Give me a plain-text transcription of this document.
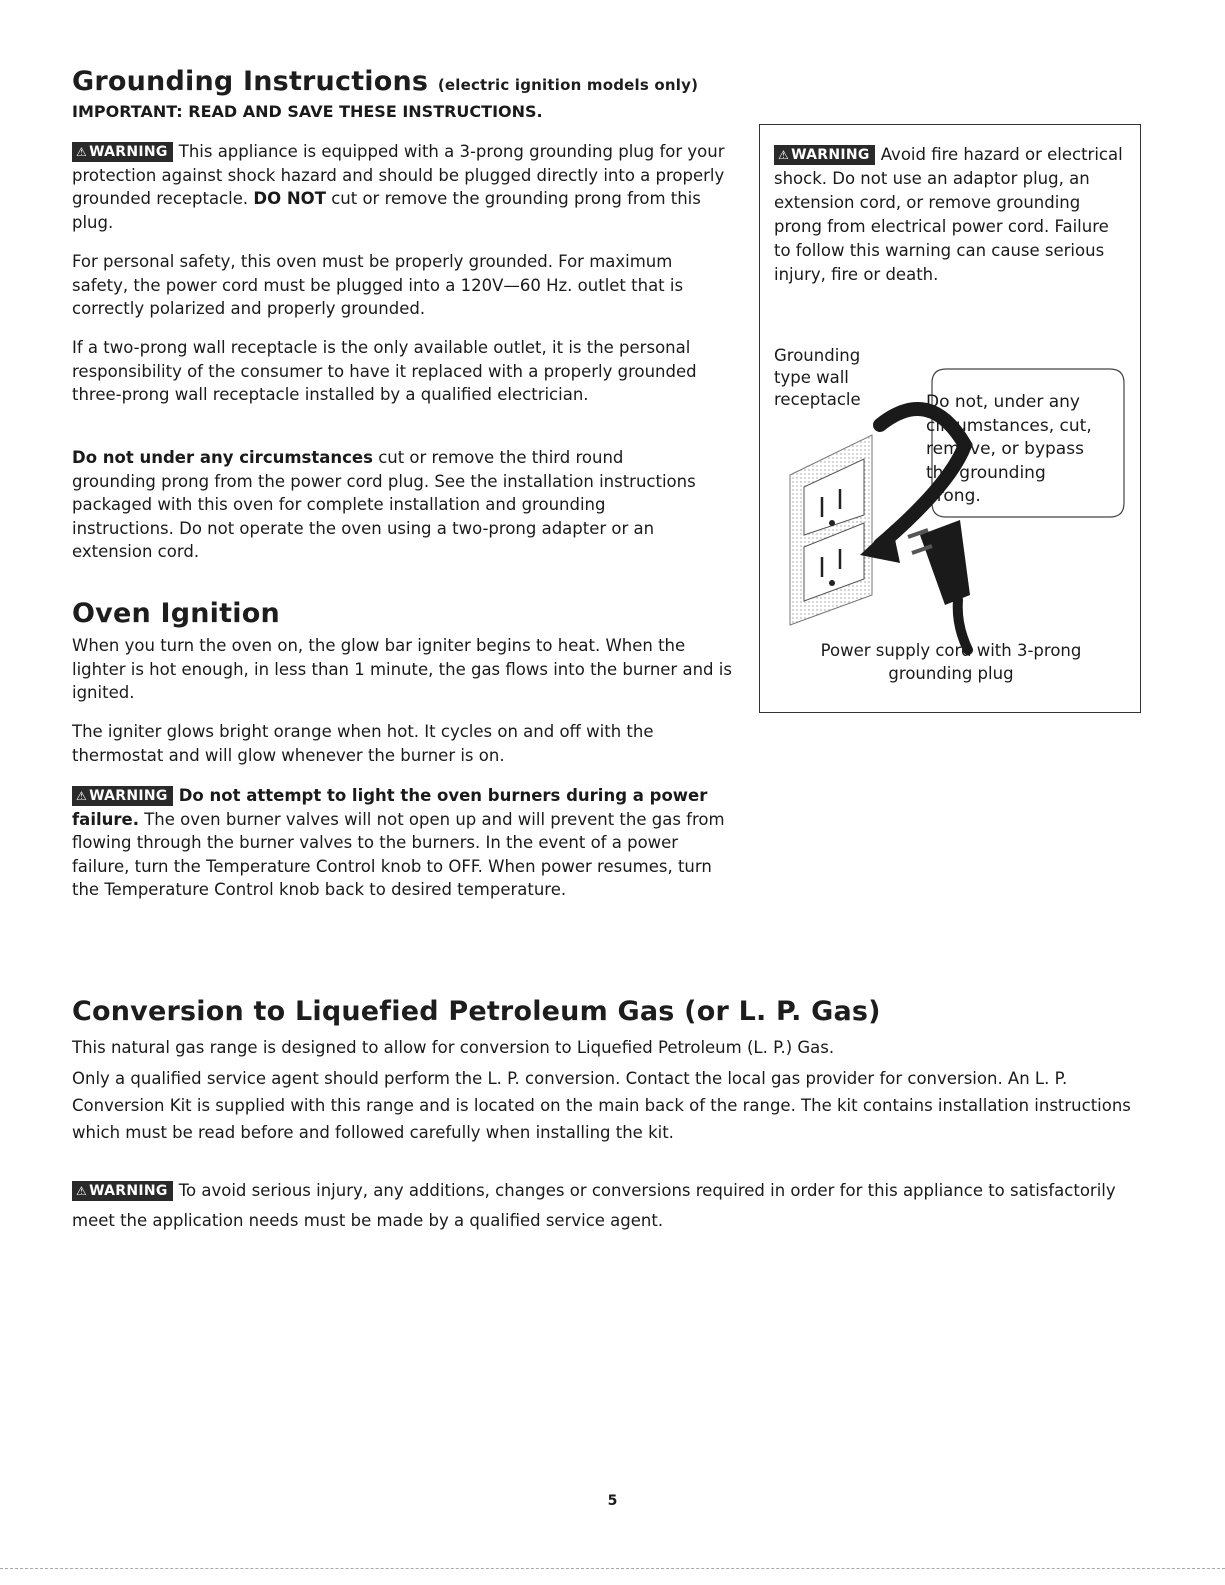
Grounding Instructions (electric ignition models only)
IMPORTANT: READ AND SAVE THESE INSTRUCTIONS.
⚠ WARNING This appliance is equipped with a 3-prong grounding plug for your protection against shock hazard and should be plugged directly into a properly grounded receptacle. DO NOT cut or remove the grounding prong from this plug.
For personal safety, this oven must be properly grounded. For maximum safety, the power cord must be plugged into a 120V—60 Hz. outlet that is correctly polarized and properly grounded.
If a two-prong wall receptacle is the only available outlet, it is the personal responsibility of the consumer to have it replaced with a properly grounded three-prong wall receptacle installed by a qualified electrician.
Do not under any circumstances cut or remove the third round grounding prong from the power cord plug. See the installation instructions packaged with this oven for complete installation and grounding instructions. Do not operate the oven using a two-prong adapter or an extension cord.
⚠ WARNING Avoid fire hazard or electrical shock. Do not use an adaptor plug, an extension cord, or remove grounding prong from electrical power cord. Failure to follow this warning can cause serious injury, fire or death.
Grounding
type wall
receptacle	Do not, under any
circumstances, cut,
remove, or bypass
the grounding
prong.
Power supply cord with 3-prong
grounding plug
Oven Ignition
When you turn the oven on, the glow bar igniter begins to heat. When the lighter is hot enough, in less than 1 minute, the gas flows into the burner and is ignited.
The igniter glows bright orange when hot. It cycles on and off with the thermostat and will glow whenever the burner is on.
⚠ WARNING Do not attempt to light the oven burners during a power failure. The oven burner valves will not open up and will prevent the gas from flowing through the burner valves to the burners. In the event of a power failure, turn the Temperature Control knob to OFF. When power resumes, turn the Temperature Control knob back to desired temperature.
Conversion to Liquefied Petroleum Gas (or L. P. Gas)
This natural gas range is designed to allow for conversion to Liquefied Petroleum (L. P.) Gas.
Only a qualified service agent should perform the L. P. conversion. Contact the local gas provider for conversion. An L. P. Conversion Kit is supplied with this range and is located on the main back of the range. The kit contains installation instructions which must be read before and followed carefully when installing the kit.
⚠ WARNING To avoid serious injury, any additions, changes or conversions required in order for this appliance to satisfactorily meet the application needs must be made by a qualified service agent.
5
